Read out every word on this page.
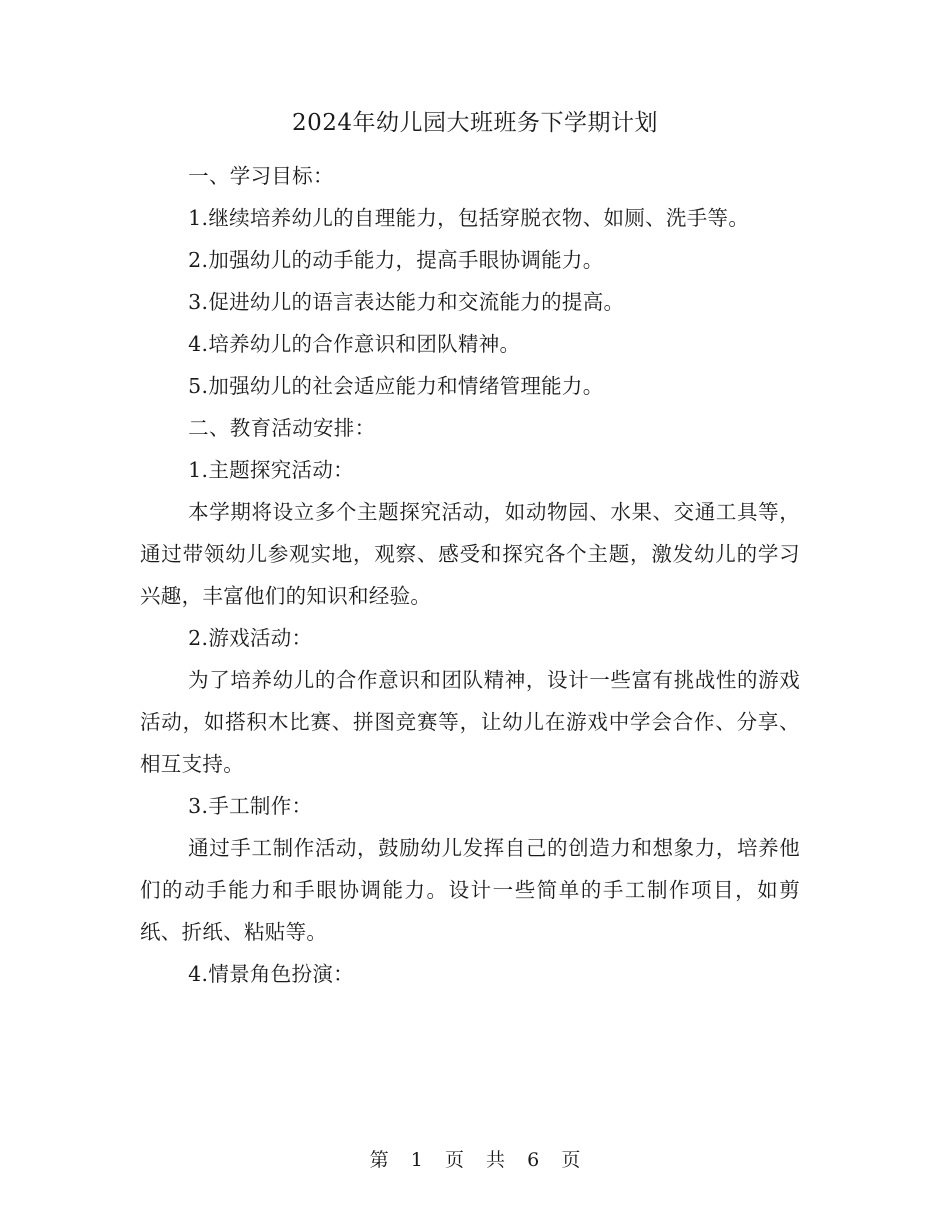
2024年幼儿园大班班务下学期计划

一、学习目标：

1.继续培养幼儿的自理能力，包括穿脱衣物、如厕、洗手等。

2.加强幼儿的动手能力，提高手眼协调能力。

3.促进幼儿的语言表达能力和交流能力的提高。

4.培养幼儿的合作意识和团队精神。

5.加强幼儿的社会适应能力和情绪管理能力。

二、教育活动安排：

1.主题探究活动：

本学期将设立多个主题探究活动，如动物园、水果、交通工具等，通过带领幼儿参观实地，观察、感受和探究各个主题，激发幼儿的学习兴趣，丰富他们的知识和经验。

2.游戏活动：

为了培养幼儿的合作意识和团队精神，设计一些富有挑战性的游戏活动，如搭积木比赛、拼图竞赛等，让幼儿在游戏中学会合作、分享、相互支持。

3.手工制作：

通过手工制作活动，鼓励幼儿发挥自己的创造力和想象力，培养他们的动手能力和手眼协调能力。设计一些简单的手工制作项目，如剪纸、折纸、粘贴等。

4.情景角色扮演：

第 1 页 共 6 页
